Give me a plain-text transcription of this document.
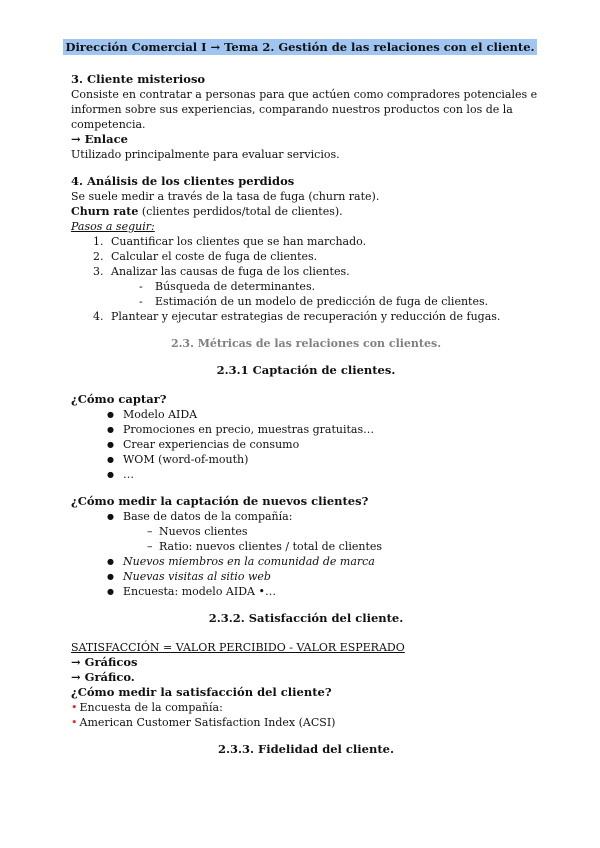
Dirección Comercial I → Tema 2. Gestión de las relaciones con el cliente.

3. Cliente misterioso

Consiste en contratar a personas para que actúen como compradores potenciales e informen sobre sus experiencias, comparando nuestros productos con los de la competencia.

→ Enlace

Utilizado principalmente para evaluar servicios.

4. Análisis de los clientes perdidos

Se suele medir a través de la tasa de fuga (churn rate).

Churn rate (clientes perdidos/total de clientes).

Pasos a seguir:

1. Cuantificar los clientes que se han marchado.
2. Calcular el coste de fuga de clientes.
3. Analizar las causas de fuga de los clientes.
- Búsqueda de determinantes.
- Estimación de un modelo de predicción de fuga de clientes.
4. Plantear y ejecutar estrategias de recuperación y reducción de fugas.

2.3. Métricas de las relaciones con clientes.

2.3.1 Captación de clientes.

¿Cómo captar?

● Modelo AIDA
● Promociones en precio, muestras gratuitas…
● Crear experiencias de consumo
● WOM (word-of-mouth)
● …

¿Cómo medir la captación de nuevos clientes?

● Base de datos de la compañía:
– Nuevos clientes
– Ratio: nuevos clientes / total de clientes
● Nuevos miembros en la comunidad de marca
● Nuevas visitas al sitio web
● Encuesta: modelo AIDA •…

2.3.2. Satisfacción del cliente.

SATISFACCIÓN = VALOR PERCIBIDO - VALOR ESPERADO

→ Gráficos

→ Gráfico.

¿Cómo medir la satisfacción del cliente?

• Encuesta de la compañía:

• American Customer Satisfaction Index (ACSI)

2.3.3. Fidelidad del cliente.
